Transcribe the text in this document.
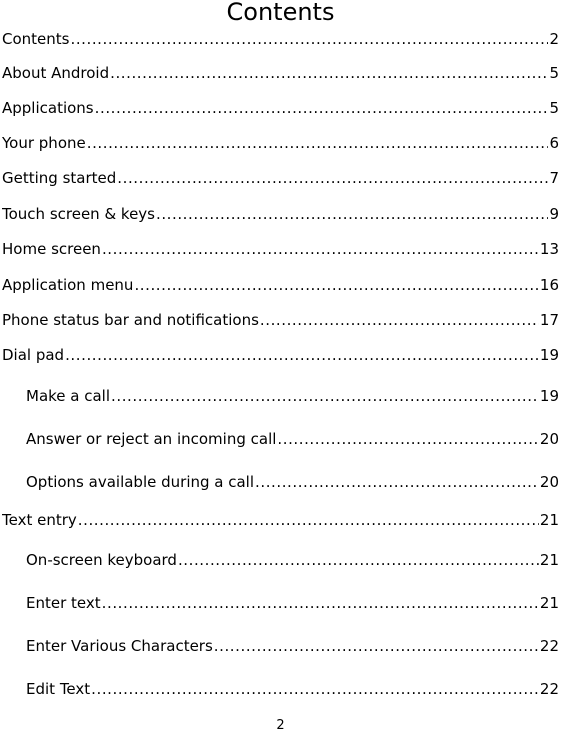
Contents
Contents . . .	2
About Android . . .	5
Applications . . .	5
Your phone . . .	6
Getting started . . .	7
Touch screen & keys . . .	9
Home screen . . .	13
Application menu . . .	16
Phone status bar and notifications . . .	17
Dial pad . . .	19
Make a call . . .	19
Answer or reject an incoming call . . .	20
Options available during a call . . .	20
Text entry . . .	21
On-screen keyboard . . .	21
Enter text . . .	21
Enter Various Characters . . .	22
Edit Text . . .	22
2
